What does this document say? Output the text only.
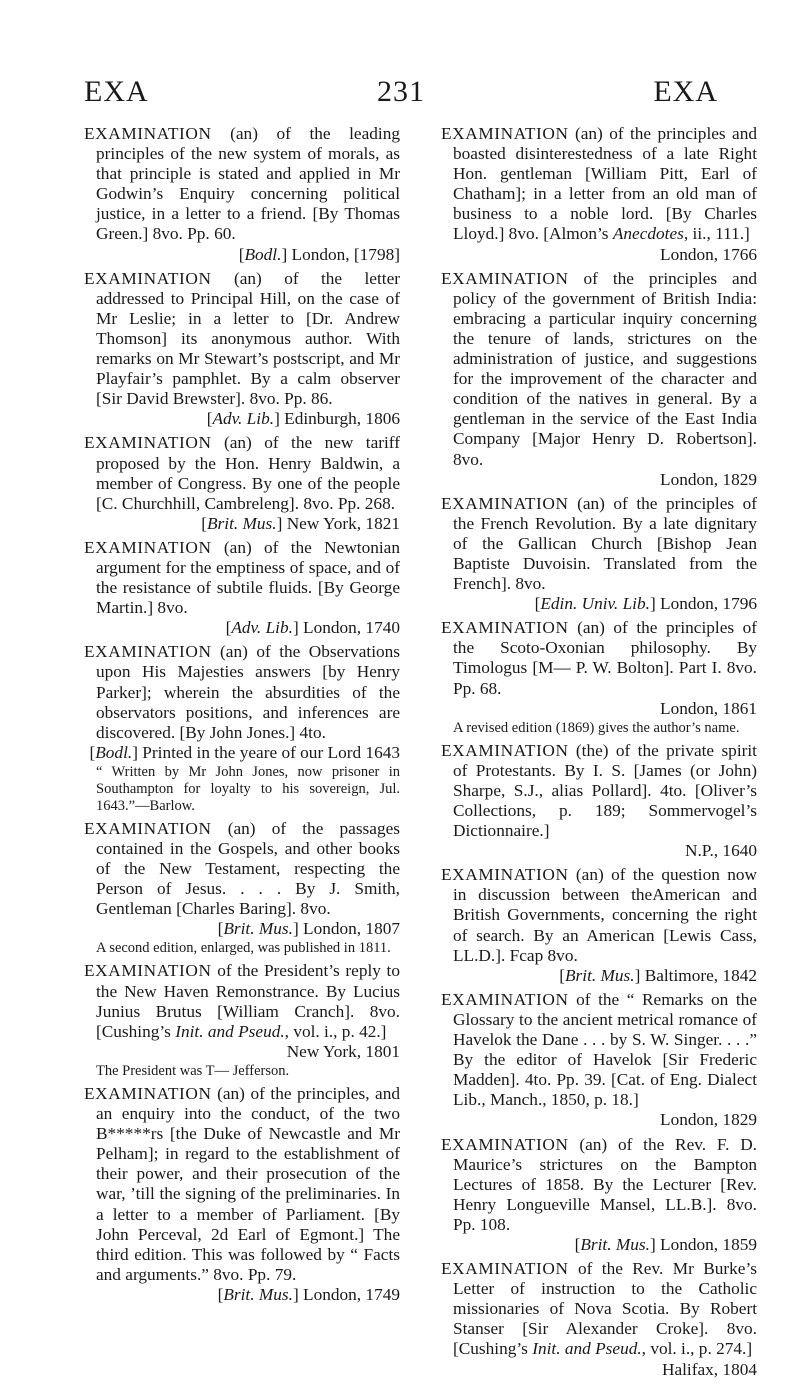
EXA	231	EXA
EXAMINATION (an) of the leading principles of the new system of morals, as that principle is stated and applied in Mr Godwin’s Enquiry concerning political justice, in a letter to a friend. [By Thomas Green.] 8vo. Pp. 60.
[Bodl.] London, [1798]
EXAMINATION (an) of the letter addressed to Principal Hill, on the case of Mr Leslie; in a letter to [Dr. Andrew Thomson] its anonymous author. With remarks on Mr Stewart’s postscript, and Mr Playfair’s pamphlet. By a calm observer [Sir David Brewster]. 8vo. Pp. 86.
[Adv. Lib.] Edinburgh, 1806
EXAMINATION (an) of the new tariff proposed by the Hon. Henry Baldwin, a member of Congress. By one of the people [C. Churchhill, Cambreleng]. 8vo. Pp. 268.
[Brit. Mus.] New York, 1821
EXAMINATION (an) of the Newtonian argument for the emptiness of space, and of the resistance of subtile fluids. [By George Martin.] 8vo.
[Adv. Lib.] London, 1740
EXAMINATION (an) of the Observations upon His Majesties answers [by Henry Parker]; wherein the absurdities of the observators positions, and inferences are discovered. [By John Jones.] 4to.
[Bodl.] Printed in the yeare of our Lord 1643
“ Written by Mr John Jones, now prisoner in Southampton for loyalty to his sovereign, Jul. 1643.”—Barlow.
EXAMINATION (an) of the passages contained in the Gospels, and other books of the New Testament, respecting the Person of Jesus. . . . By J. Smith, Gentleman [Charles Baring]. 8vo.
[Brit. Mus.] London, 1807
A second edition, enlarged, was published in 1811.
EXAMINATION of the President’s reply to the New Haven Remonstrance. By Lucius Junius Brutus [William Cranch]. 8vo. [Cushing’s Init. and Pseud., vol. i., p. 42.]
New York, 1801
The President was T— Jefferson.
EXAMINATION (an) of the principles, and an enquiry into the conduct, of the two B*****rs [the Duke of Newcastle and Mr Pelham]; in regard to the establishment of their power, and their prosecution of the war, ’till the signing of the preliminaries. In a letter to a member of Parliament. [By John Perceval, 2d Earl of Egmont.] The third edition. This was followed by “ Facts and arguments.” 8vo. Pp. 79.
[Brit. Mus.] London, 1749
EXAMINATION (an) of the principles and boasted disinterestedness of a late Right Hon. gentleman [William Pitt, Earl of Chatham]; in a letter from an old man of business to a noble lord. [By Charles Lloyd.] 8vo. [Almon’s Anecdotes, ii., 111.]
London, 1766
EXAMINATION of the principles and policy of the government of British India: embracing a particular inquiry concerning the tenure of lands, strictures on the administration of justice, and suggestions for the improvement of the character and condition of the natives in general. By a gentleman in the service of the East India Company [Major Henry D. Robertson]. 8vo.
London, 1829
EXAMINATION (an) of the principles of the French Revolution. By a late dignitary of the Gallican Church [Bishop Jean Baptiste Duvoisin. Translated from the French]. 8vo.
[Edin. Univ. Lib.] London, 1796
EXAMINATION (an) of the principles of the Scoto-Oxonian philosophy. By Timologus [M— P. W. Bolton]. Part I. 8vo. Pp. 68.
London, 1861
A revised edition (1869) gives the author’s name.
EXAMINATION (the) of the private spirit of Protestants. By I. S. [James (or John) Sharpe, S.J., alias Pollard]. 4to. [Oliver’s Collections, p. 189; Sommervogel’s Dictionnaire.]
N.P., 1640
EXAMINATION (an) of the question now in discussion between theAmerican and British Governments, concerning the right of search. By an American [Lewis Cass, LL.D.]. Fcap 8vo.
[Brit. Mus.] Baltimore, 1842
EXAMINATION of the “ Remarks on the Glossary to the ancient metrical romance of Havelok the Dane . . . by S. W. Singer. . . .” By the editor of Havelok [Sir Frederic Madden]. 4to. Pp. 39. [Cat. of Eng. Dialect Lib., Manch., 1850, p. 18.]
London, 1829
EXAMINATION (an) of the Rev. F. D. Maurice’s strictures on the Bampton Lectures of 1858. By the Lecturer [Rev. Henry Longueville Mansel, LL.B.]. 8vo. Pp. 108.
[Brit. Mus.] London, 1859
EXAMINATION of the Rev. Mr Burke’s Letter of instruction to the Catholic missionaries of Nova Scotia. By Robert Stanser [Sir Alexander Croke]. 8vo. [Cushing’s Init. and Pseud., vol. i., p. 274.]
Halifax, 1804
